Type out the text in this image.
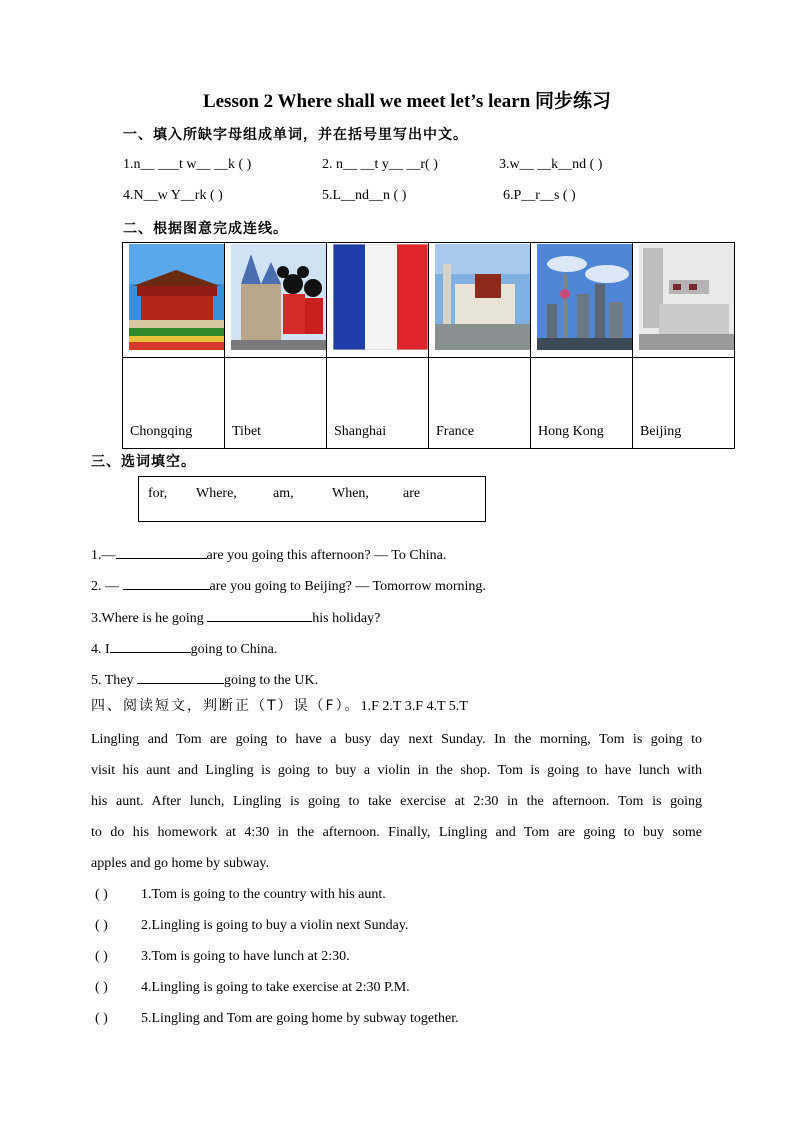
Lesson 2 Where shall we meet let’s learn 同步练习
一、填入所缺字母组成单词，并在括号里写出中文。
1.n__ ___t w__ __k ( )	2. n__ __t y__ __r( )	3.w__ __k__nd ( )
4.N__w Y__rk ( )	5.L__nd__n ( )	6.P__r__s ( )
二、根据图意完成连线。

Chongqing	Tibet	Shanghai	France	Hong Kong	Beijing
三、选词填空。
for, Where,	am,	When, are
1.—	are you going this afternoon? — To China.
2. —	are you going to Beijing? — Tomorrow morning.
3.Where is he going	his holiday?
4. I	going to China.
5. They	going to the UK.
四、阅读短文，判断正（T）误（F）。1.F 2.T 3.F 4.T 5.T
Lingling and Tom are going to have a busy day next Sunday. In the morning, Tom is going to
visit his aunt and Lingling is going to buy a violin in the shop. Tom is going to have lunch with
his aunt. After lunch, Lingling is going to take exercise at 2:30 in the afternoon. Tom is going
to do his homework at 4:30 in the afternoon. Finally, Lingling and Tom are going to buy some
apples and go home by subway.
( ) 1.Tom is going to the country with his aunt.
( ) 2.Lingling is going to buy a violin next Sunday.
( ) 3.Tom is going to have lunch at 2:30.
( ) 4.Lingling is going to take exercise at 2:30 P.M.
( ) 5.Lingling and Tom are going home by subway together.
